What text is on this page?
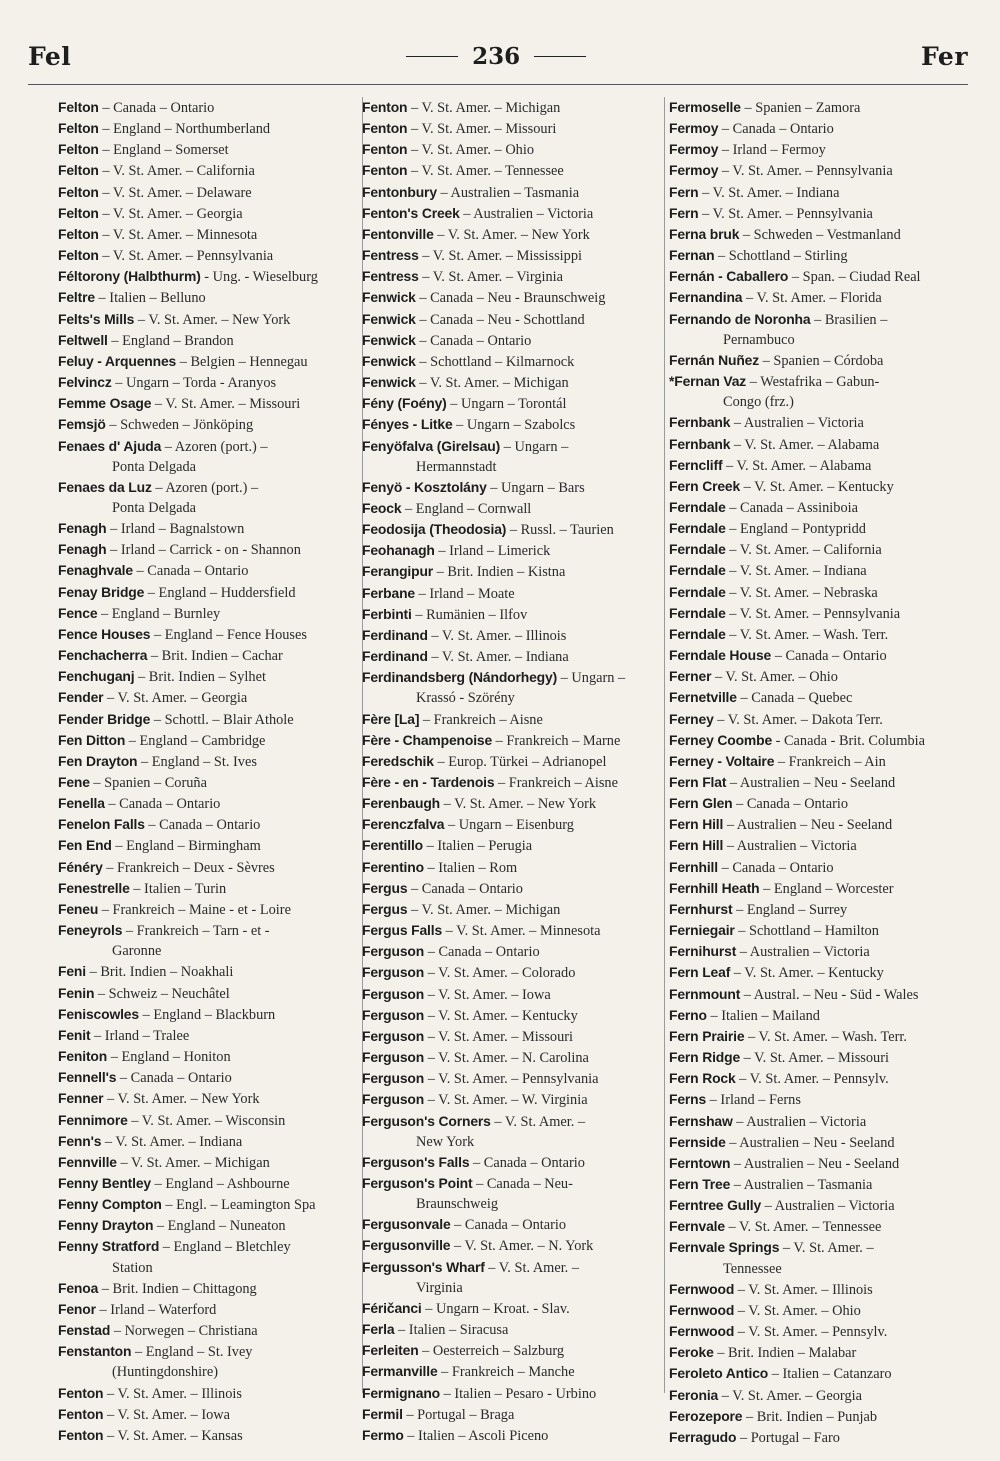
Fel	236	Fer
Felton – Canada – Ontario
Felton – England – Northumberland
Felton – England – Somerset
Felton – V. St. Amer. – California
Felton – V. St. Amer. – Delaware
Felton – V. St. Amer. – Georgia
Felton – V. St. Amer. – Minnesota
Felton – V. St. Amer. – Pennsylvania
Féltorony (Halbthurm) - Ung. - Wieselburg
Feltre – Italien – Belluno
Felts's Mills – V. St. Amer. – New York
Feltwell – England – Brandon
Feluy - Arquennes – Belgien – Hennegau
Felvincz – Ungarn – Torda - Aranyos
Femme Osage – V. St. Amer. – Missouri
Femsjö – Schweden – Jönköping
Fenaes d' Ajuda – Azoren (port.) –
Ponta Delgada
Fenaes da Luz – Azoren (port.) –
Ponta Delgada
Fenagh – Irland – Bagnalstown
Fenagh – Irland – Carrick - on - Shannon
Fenaghvale – Canada – Ontario
Fenay Bridge – England – Huddersfield
Fence – England – Burnley
Fence Houses – England – Fence Houses
Fenchacherra – Brit. Indien – Cachar
Fenchuganj – Brit. Indien – Sylhet
Fender – V. St. Amer. – Georgia
Fender Bridge – Schottl. – Blair Athole
Fen Ditton – England – Cambridge
Fen Drayton – England – St. Ives
Fene – Spanien – Coruña
Fenella – Canada – Ontario
Fenelon Falls – Canada – Ontario
Fen End – England – Birmingham
Fénéry – Frankreich – Deux - Sèvres
Fenestrelle – Italien – Turin
Feneu – Frankreich – Maine - et - Loire
Feneyrols – Frankreich – Tarn - et -
Garonne
Feni – Brit. Indien – Noakhali
Fenin – Schweiz – Neuchâtel
Feniscowles – England – Blackburn
Fenit – Irland – Tralee
Feniton – England – Honiton
Fennell's – Canada – Ontario
Fenner – V. St. Amer. – New York
Fennimore – V. St. Amer. – Wisconsin
Fenn's – V. St. Amer. – Indiana
Fennville – V. St. Amer. – Michigan
Fenny Bentley – England – Ashbourne
Fenny Compton – Engl. – Leamington Spa
Fenny Drayton – England – Nuneaton
Fenny Stratford – England – Bletchley
Station
Fenoa – Brit. Indien – Chittagong
Fenor – Irland – Waterford
Fenstad – Norwegen – Christiana
Fenstanton – England – St. Ivey
(Huntingdonshire)
Fenton – V. St. Amer. – Illinois
Fenton – V. St. Amer. – Iowa
Fenton – V. St. Amer. – Kansas
Fenton – V. St. Amer. – Michigan
Fenton – V. St. Amer. – Missouri
Fenton – V. St. Amer. – Ohio
Fenton – V. St. Amer. – Tennessee
Fentonbury – Australien – Tasmania
Fenton's Creek – Australien – Victoria
Fentonville – V. St. Amer. – New York
Fentress – V. St. Amer. – Mississippi
Fentress – V. St. Amer. – Virginia
Fenwick – Canada – Neu - Braunschweig
Fenwick – Canada – Neu - Schottland
Fenwick – Canada – Ontario
Fenwick – Schottland – Kilmarnock
Fenwick – V. St. Amer. – Michigan
Fény (Foény) – Ungarn – Torontál
Fényes - Litke – Ungarn – Szabolcs
Fenyöfalva (Girelsau) – Ungarn –
Hermannstadt
Fenyö - Kosztolány – Ungarn – Bars
Feock – England – Cornwall
Feodosija (Theodosia) – Russl. – Taurien
Feohanagh – Irland – Limerick
Ferangipur – Brit. Indien – Kistna
Ferbane – Irland – Moate
Ferbinti – Rumänien – Ilfov
Ferdinand – V. St. Amer. – Illinois
Ferdinand – V. St. Amer. – Indiana
Ferdinandsberg (Nándorhegy) – Ungarn –
Krassó - Szörény
Fère [La] – Frankreich – Aisne
Fère - Champenoise – Frankreich – Marne
Feredschik – Europ. Türkei – Adrianopel
Fère - en - Tardenois – Frankreich – Aisne
Ferenbaugh – V. St. Amer. – New York
Ferenczfalva – Ungarn – Eisenburg
Ferentillo – Italien – Perugia
Ferentino – Italien – Rom
Fergus – Canada – Ontario
Fergus – V. St. Amer. – Michigan
Fergus Falls – V. St. Amer. – Minnesota
Ferguson – Canada – Ontario
Ferguson – V. St. Amer. – Colorado
Ferguson – V. St. Amer. – Iowa
Ferguson – V. St. Amer. – Kentucky
Ferguson – V. St. Amer. – Missouri
Ferguson – V. St. Amer. – N. Carolina
Ferguson – V. St. Amer. – Pennsylvania
Ferguson – V. St. Amer. – W. Virginia
Ferguson's Corners – V. St. Amer. –
New York
Ferguson's Falls – Canada – Ontario
Ferguson's Point – Canada – Neu-
Braunschweig
Fergusonvale – Canada – Ontario
Fergusonville – V. St. Amer. – N. York
Fergusson's Wharf – V. St. Amer. –
Virginia
Féričanci – Ungarn – Kroat. - Slav.
Ferla – Italien – Siracusa
Ferleiten – Oesterreich – Salzburg
Fermanville – Frankreich – Manche
Fermignano – Italien – Pesaro - Urbino
Fermil – Portugal – Braga
Fermo – Italien – Ascoli Piceno
Fermoselle – Spanien – Zamora
Fermoy – Canada – Ontario
Fermoy – Irland – Fermoy
Fermoy – V. St. Amer. – Pennsylvania
Fern – V. St. Amer. – Indiana
Fern – V. St. Amer. – Pennsylvania
Ferna bruk – Schweden – Vestmanland
Fernan – Schottland – Stirling
Fernán - Caballero – Span. – Ciudad Real
Fernandina – V. St. Amer. – Florida
Fernando de Noronha – Brasilien –
Pernambuco
Fernán Nuñez – Spanien – Córdoba
*Fernan Vaz – Westafrika – Gabun-
Congo (frz.)
Fernbank – Australien – Victoria
Fernbank – V. St. Amer. – Alabama
Ferncliff – V. St. Amer. – Alabama
Fern Creek – V. St. Amer. – Kentucky
Ferndale – Canada – Assiniboia
Ferndale – England – Pontypridd
Ferndale – V. St. Amer. – California
Ferndale – V. St. Amer. – Indiana
Ferndale – V. St. Amer. – Nebraska
Ferndale – V. St. Amer. – Pennsylvania
Ferndale – V. St. Amer. – Wash. Terr.
Ferndale House – Canada – Ontario
Ferner – V. St. Amer. – Ohio
Fernetville – Canada – Quebec
Ferney – V. St. Amer. – Dakota Terr.
Ferney Coombe - Canada - Brit. Columbia
Ferney - Voltaire – Frankreich – Ain
Fern Flat – Australien – Neu - Seeland
Fern Glen – Canada – Ontario
Fern Hill – Australien – Neu - Seeland
Fern Hill – Australien – Victoria
Fernhill – Canada – Ontario
Fernhill Heath – England – Worcester
Fernhurst – England – Surrey
Ferniegair – Schottland – Hamilton
Fernihurst – Australien – Victoria
Fern Leaf – V. St. Amer. – Kentucky
Fernmount – Austral. – Neu - Süd - Wales
Ferno – Italien – Mailand
Fern Prairie – V. St. Amer. – Wash. Terr.
Fern Ridge – V. St. Amer. – Missouri
Fern Rock – V. St. Amer. – Pennsylv.
Ferns – Irland – Ferns
Fernshaw – Australien – Victoria
Fernside – Australien – Neu - Seeland
Ferntown – Australien – Neu - Seeland
Fern Tree – Australien – Tasmania
Ferntree Gully – Australien – Victoria
Fernvale – V. St. Amer. – Tennessee
Fernvale Springs – V. St. Amer. –
Tennessee
Fernwood – V. St. Amer. – Illinois
Fernwood – V. St. Amer. – Ohio
Fernwood – V. St. Amer. – Pennsylv.
Feroke – Brit. Indien – Malabar
Feroleto Antico – Italien – Catanzaro
Feronia – V. St. Amer. – Georgia
Ferozepore – Brit. Indien – Punjab
Ferragudo – Portugal – Faro
